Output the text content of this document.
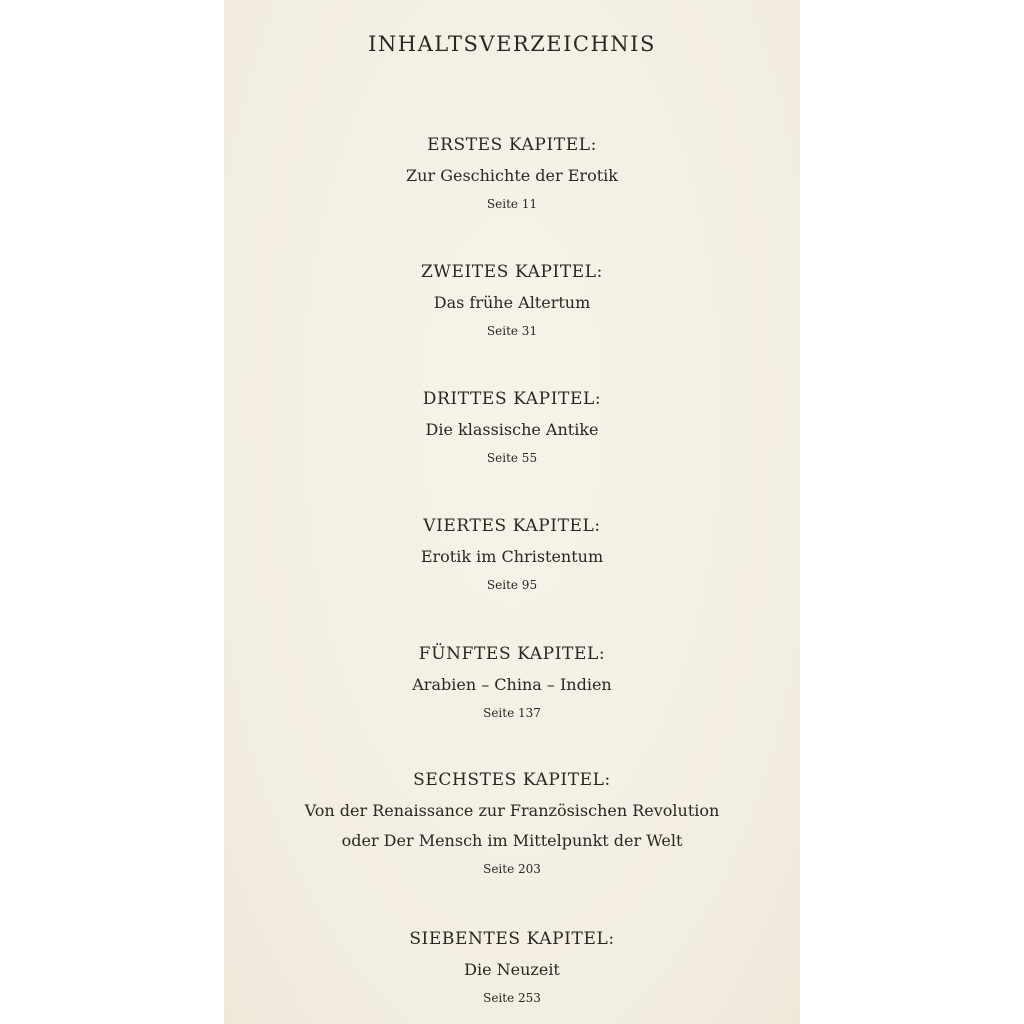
INHALTSVERZEICHNIS
ERSTES KAPITEL:
Zur Geschichte der Erotik
Seite 11
ZWEITES KAPITEL:
Das frühe Altertum
Seite 31
DRITTES KAPITEL:
Die klassische Antike
Seite 55
VIERTES KAPITEL:
Erotik im Christentum
Seite 95
FÜNFTES KAPITEL:
Arabien – China – Indien
Seite 137
SECHSTES KAPITEL:
Von der Renaissance zur Französischen Revolution
oder Der Mensch im Mittelpunkt der Welt
Seite 203
SIEBENTES KAPITEL:
Die Neuzeit
Seite 253
